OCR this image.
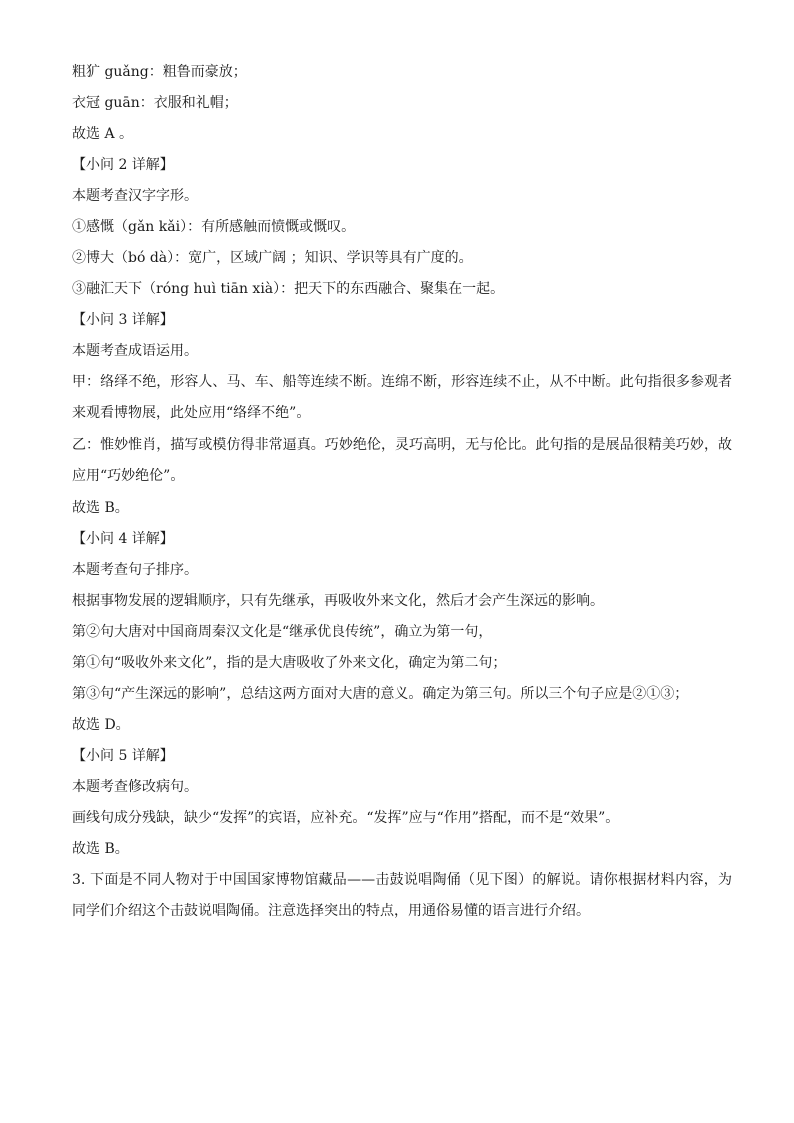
粗犷 guǎng：粗鲁而豪放；
衣冠 guān：衣服和礼帽；
故选 A 。
【小问 2 详解】
本题考查汉字字形。
①感慨（gǎn kǎi）：有所感触而愤慨或慨叹。
②博大（bó dà）：宽广，区域广阔 ；知识、学识等具有广度的。
③融汇天下（róng huì tiān xià）：把天下的东西融合、聚集在一起。
【小问 3 详解】
本题考查成语运用。
甲：络绎不绝，形容人、马、车、船等连续不断。连绵不断，形容连续不止，从不中断。此句指很多参观者来观看博物展，此处应用“络绎不绝”。
乙：惟妙惟肖，描写或模仿得非常逼真。巧妙绝伦，灵巧高明，无与伦比。此句指的是展品很精美巧妙，故应用“巧妙绝伦”。
故选 B。
【小问 4 详解】
本题考查句子排序。
根据事物发展的逻辑顺序，只有先继承，再吸收外来文化，然后才会产生深远的影响。
第②句大唐对中国商周秦汉文化是“继承优良传统”，确立为第一句，
第①句“吸收外来文化”，指的是大唐吸收了外来文化，确定为第二句；
第③句“产生深远的影响”，总结这两方面对大唐的意义。确定为第三句。所以三个句子应是②①③；
故选 D。
【小问 5 详解】
本题考查修改病句。
画线句成分残缺，缺少“发挥”的宾语，应补充。“发挥”应与“作用”搭配，而不是“效果”。
故选 B。
3. 下面是不同人物对于中国国家博物馆藏品——击鼓说唱陶俑（见下图）的解说。请你根据材料内容，为同学们介绍这个击鼓说唱陶俑。注意选择突出的特点，用通俗易懂的语言进行介绍。
